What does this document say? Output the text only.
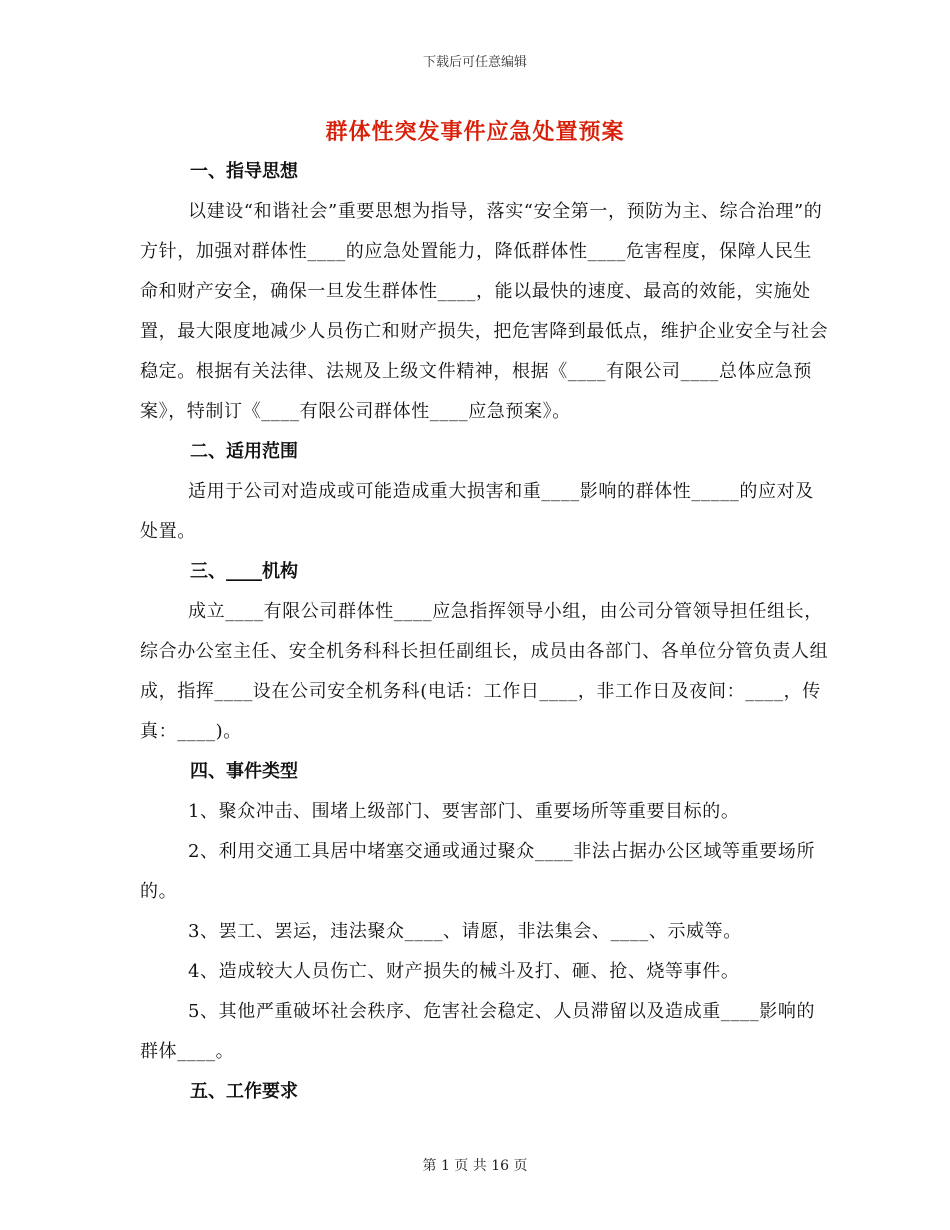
下载后可任意编辑
群体性突发事件应急处置预案
一、指导思想
以建设“和谐社会”重要思想为指导，落实“安全第一，预防为主、综合治理”的方针，加强对群体性____的应急处置能力，降低群体性____危害程度，保障人民生命和财产安全，确保一旦发生群体性____，能以最快的速度、最高的效能，实施处置，最大限度地减少人员伤亡和财产损失，把危害降到最低点，维护企业安全与社会稳定。根据有关法律、法规及上级文件精神，根据《____有限公司____总体应急预案》，特制订《____有限公司群体性____应急预案》。
二、适用范围
适用于公司对造成或可能造成重大损害和重____影响的群体性_____的应对及处置。
三、____机构
成立____有限公司群体性____应急指挥领导小组，由公司分管领导担任组长，综合办公室主任、安全机务科科长担任副组长，成员由各部门、各单位分管负责人组成，指挥____设在公司安全机务科(电话：工作日____，非工作日及夜间：____，传真：____)。
四、事件类型
1、聚众冲击、围堵上级部门、要害部门、重要场所等重要目标的。
2、利用交通工具居中堵塞交通或通过聚众____非法占据办公区域等重要场所的。
3、罢工、罢运，违法聚众____、请愿，非法集会、____、示威等。
4、造成较大人员伤亡、财产损失的械斗及打、砸、抢、烧等事件。
5、其他严重破坏社会秩序、危害社会稳定、人员滞留以及造成重____影响的群体____。
五、工作要求
第 1 页 共 16 页
